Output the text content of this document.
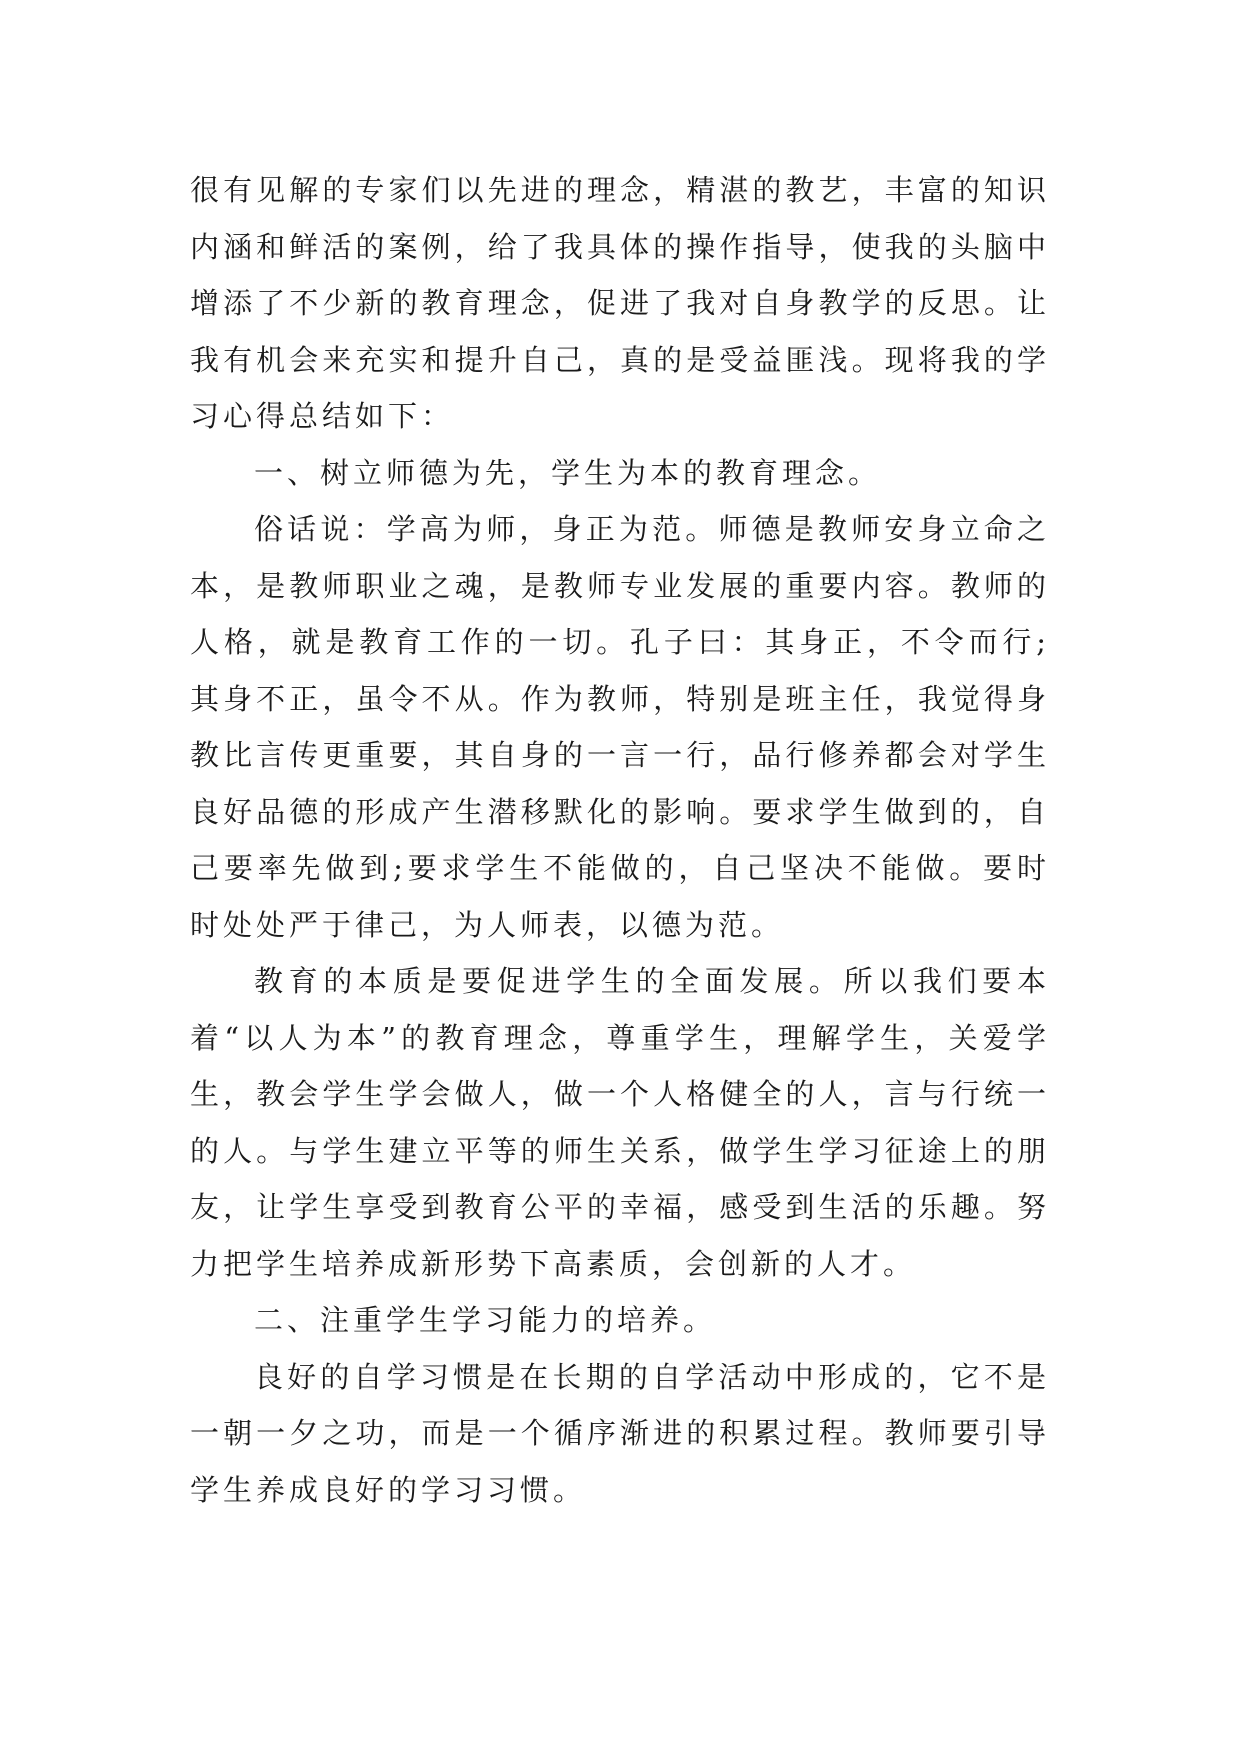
很有见解的专家们以先进的理念，精湛的教艺，丰富的知识内涵和鲜活的案例，给了我具体的操作指导，使我的头脑中增添了不少新的教育理念，促进了我对自身教学的反思。让我有机会来充实和提升自己，真的是受益匪浅。现将我的学习心得总结如下：

一、树立师德为先，学生为本的教育理念。

俗话说：学高为师，身正为范。师德是教师安身立命之本，是教师职业之魂，是教师专业发展的重要内容。教师的人格，就是教育工作的一切。孔子曰：其身正，不令而行;其身不正，虽令不从。作为教师，特别是班主任，我觉得身教比言传更重要，其自身的一言一行，品行修养都会对学生良好品德的形成产生潜移默化的影响。要求学生做到的，自己要率先做到;要求学生不能做的，自己坚决不能做。要时时处处严于律己，为人师表，以德为范。

教育的本质是要促进学生的全面发展。所以我们要本着“以人为本”的教育理念，尊重学生，理解学生，关爱学生，教会学生学会做人，做一个人格健全的人，言与行统一的人。与学生建立平等的师生关系，做学生学习征途上的朋友，让学生享受到教育公平的幸福，感受到生活的乐趣。努力把学生培养成新形势下高素质，会创新的人才。

二、注重学生学习能力的培养。

良好的自学习惯是在长期的自学活动中形成的，它不是一朝一夕之功，而是一个循序渐进的积累过程。教师要引导学生养成良好的学习习惯。
